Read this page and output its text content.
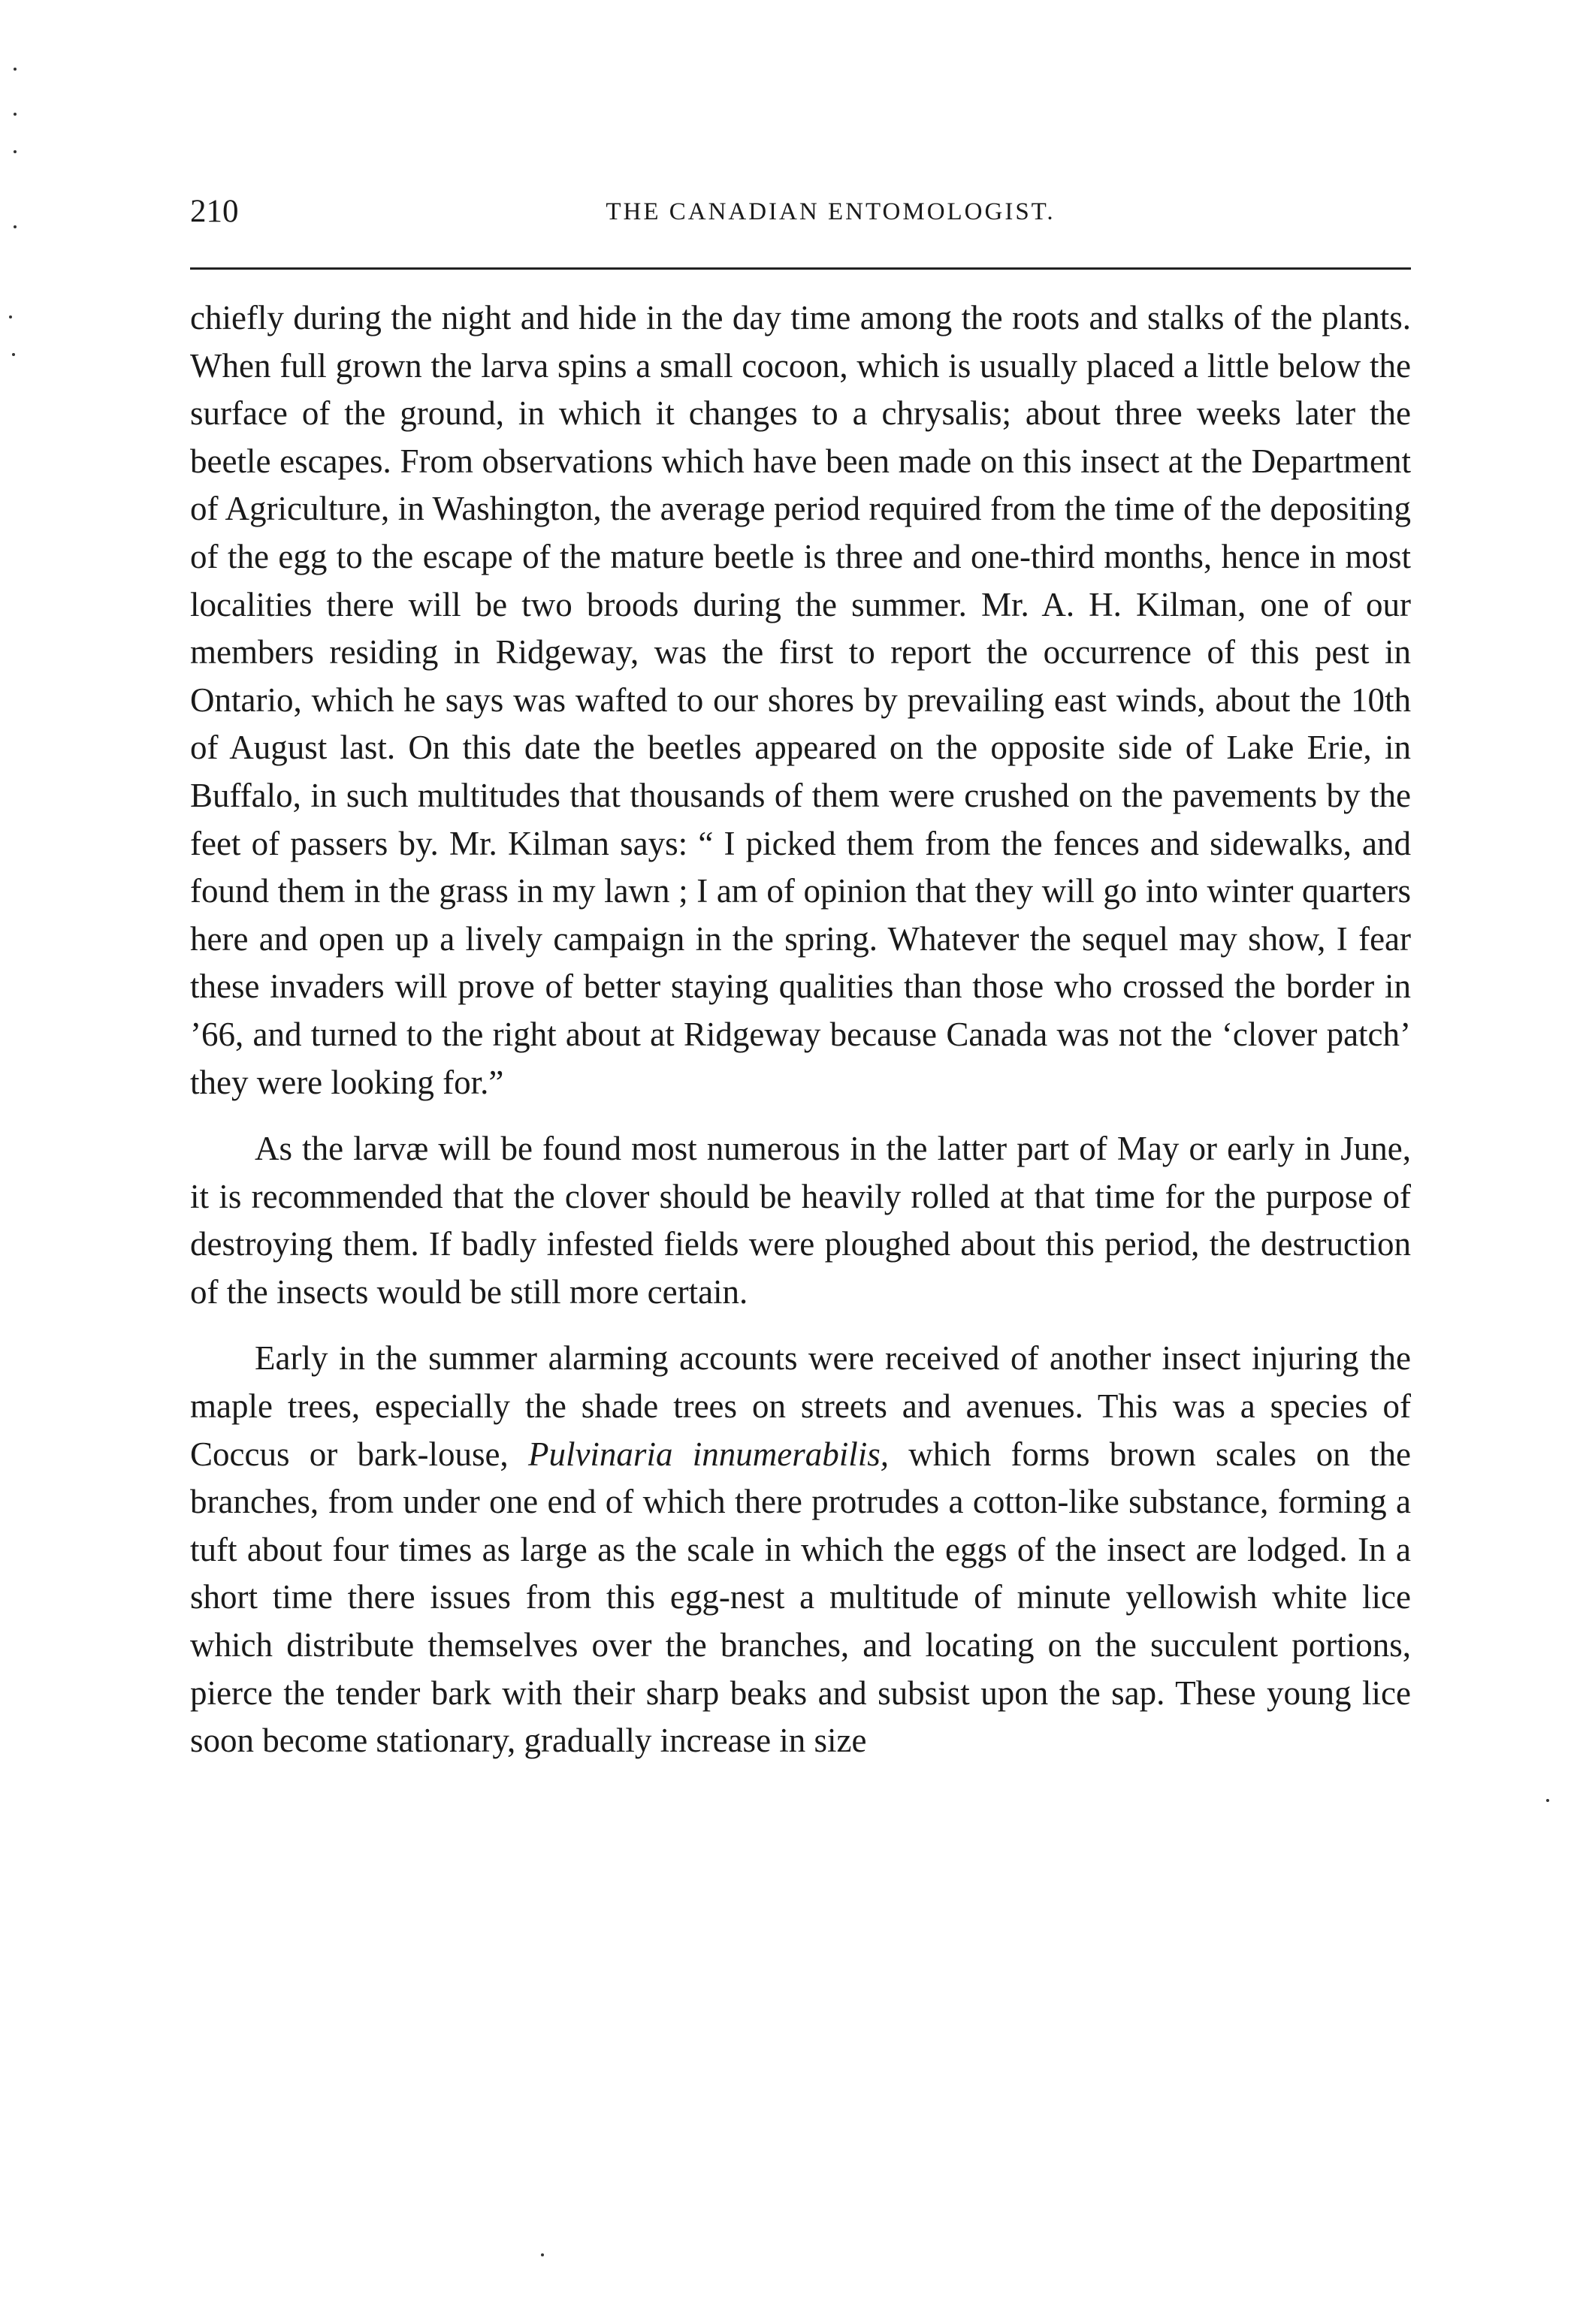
210	THE CANADIAN ENTOMOLOGIST.

chiefly during the night and hide in the day time among the roots and stalks of the plants. When full grown the larva spins a small cocoon, which is usually placed a little below the surface of the ground, in which it changes to a chrysalis; about three weeks later the beetle escapes. From observations which have been made on this insect at the Department of Agriculture, in Washington, the average period required from the time of the depositing of the egg to the escape of the mature beetle is three and one-third months, hence in most localities there will be two broods during the summer. Mr. A. H. Kilman, one of our members residing in Ridgeway, was the first to report the occurrence of this pest in Ontario, which he says was wafted to our shores by prevailing east winds, about the 10th of August last. On this date the beetles appeared on the opposite side of Lake Erie, in Buffalo, in such multitudes that thousands of them were crushed on the pavements by the feet of passers by. Mr. Kilman says: “ I picked them from the fences and sidewalks, and found them in the grass in my lawn ; I am of opinion that they will go into winter quarters here and open up a lively campaign in the spring. Whatever the sequel may show, I fear these invaders will prove of better staying qualities than those who crossed the border in ’66, and turned to the right about at Ridgeway because Canada was not the ‘clover patch’ they were looking for.”

As the larvæ will be found most numerous in the latter part of May or early in June, it is recommended that the clover should be heavily rolled at that time for the purpose of destroying them. If badly infested fields were ploughed about this period, the destruction of the insects would be still more certain.

Early in the summer alarming accounts were received of another insect injuring the maple trees, especially the shade trees on streets and avenues. This was a species of Coccus or bark-louse, Pulvinaria innumerabilis, which forms brown scales on the branches, from under one end of which there protrudes a cotton-like substance, forming a tuft about four times as large as the scale in which the eggs of the insect are lodged. In a short time there issues from this egg-nest a multitude of minute yellowish white lice which distribute themselves over the branches, and locating on the succulent portions, pierce the tender bark with their sharp beaks and subsist upon the sap. These young lice soon become stationary, gradually increase in size
